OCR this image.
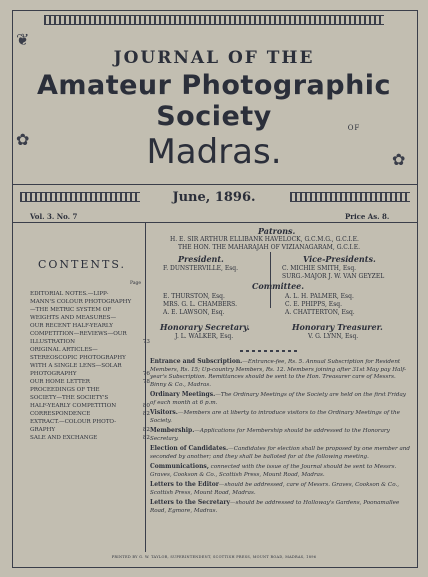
❦
✿
✿
JOURNAL OF THE
Amateur Photographic Society	OF
Madras.
June, 1896.
Vol. 3. No. 7	Price As. 8.
CONTENTS.
Page
EDITORIAL NOTES.—LIPP-
MANN'S COLOUR PHOTOGRAPHY
—THE METRIC SYSTEM OF
WEIGHTS AND MEASURES—
OUR RECENT HALF-YEARLY
COMPETITION—REVIEWS—OUR
ILLUSTRATION	73
ORIGINAL ARTICLES—
STEREOSCOPIC PHOTOGRAPHY
WITH A SINGLE LENS—SOLAR
PHOTOGRAPHY	76
OUR HOME LETTER	78
PROCEEDINGS OF THE
SOCIETY—THE SOCIETY'S
HALF-YEARLY COMPETITION	80
CORRESPONDENCE	82
EXTRACT.—COLOUR PHOTO-
GRAPHY	82
SALE AND EXCHANGE	82
Patrons.
H. E. SIR ARTHUR ELLIBANK HAVELOCK, G.C.M.G., G.C.I.E.
THE HON. THE MAHARAJAH OF VIZIANAGARAM, G.C.I.E.
President.
F. DUNSTERVILLE, Esq.
Vice-Presidents.
C. MICHIE SMITH, Esq.
SURG.-MAJOR J. W. VAN GEYZEL
Committee.
E. THURSTON, Esq.
MRS. G. L. CHAMBERS.
A. E. LAWSON, Esq.
A. L. H. PALMER, Esq.
C. E. PHIPPS, Esq.
A. CHATTERTON, Esq.
Honorary Secretary.
J. L. WALKER, Esq.
Honorary Treasurer.
V. G. LYNN, Esq.
Entrance and Subscription.—Entrance-fee, Rs. 5. Annual Subscription for Resident Members, Rs. 15; Up-country Members, Rs. 12. Members joining after 31st May pay Half-year's Subscription. Remittances should be sent to the Hon. Treasurer care of Messrs. Binny & Co., Madras.
Ordinary Meetings.—The Ordinary Meetings of the Society are held on the first Friday of each month at 6 p.m.
Visitors.—Members are at liberty to introduce visitors to the Ordinary Meetings of the Society.
Membership.—Applications for Membership should be addressed to the Honorary Secretary.
Election of Candidates.—Candidates for election shall be proposed by one member and seconded by another; and they shall be balloted for at the following meeting.
Communications, connected with the issue of the Journal should be sent to Messrs. Graves, Cookson & Co., Scottish Press, Mount Road, Madras.
Letters to the Editor—should be addressed, care of Messrs. Graves, Cookson & Co., Scottish Press, Mount Road, Madras.
Letters to the Secretary—should be addressed to Holloway's Gardens, Poonamallee Road, Egmore, Madras.
PRINTED BY G. W. TAYLOR, SUPERINTENDENT, SCOTTISH PRESS, MOUNT ROAD, MADRAS, 1896
